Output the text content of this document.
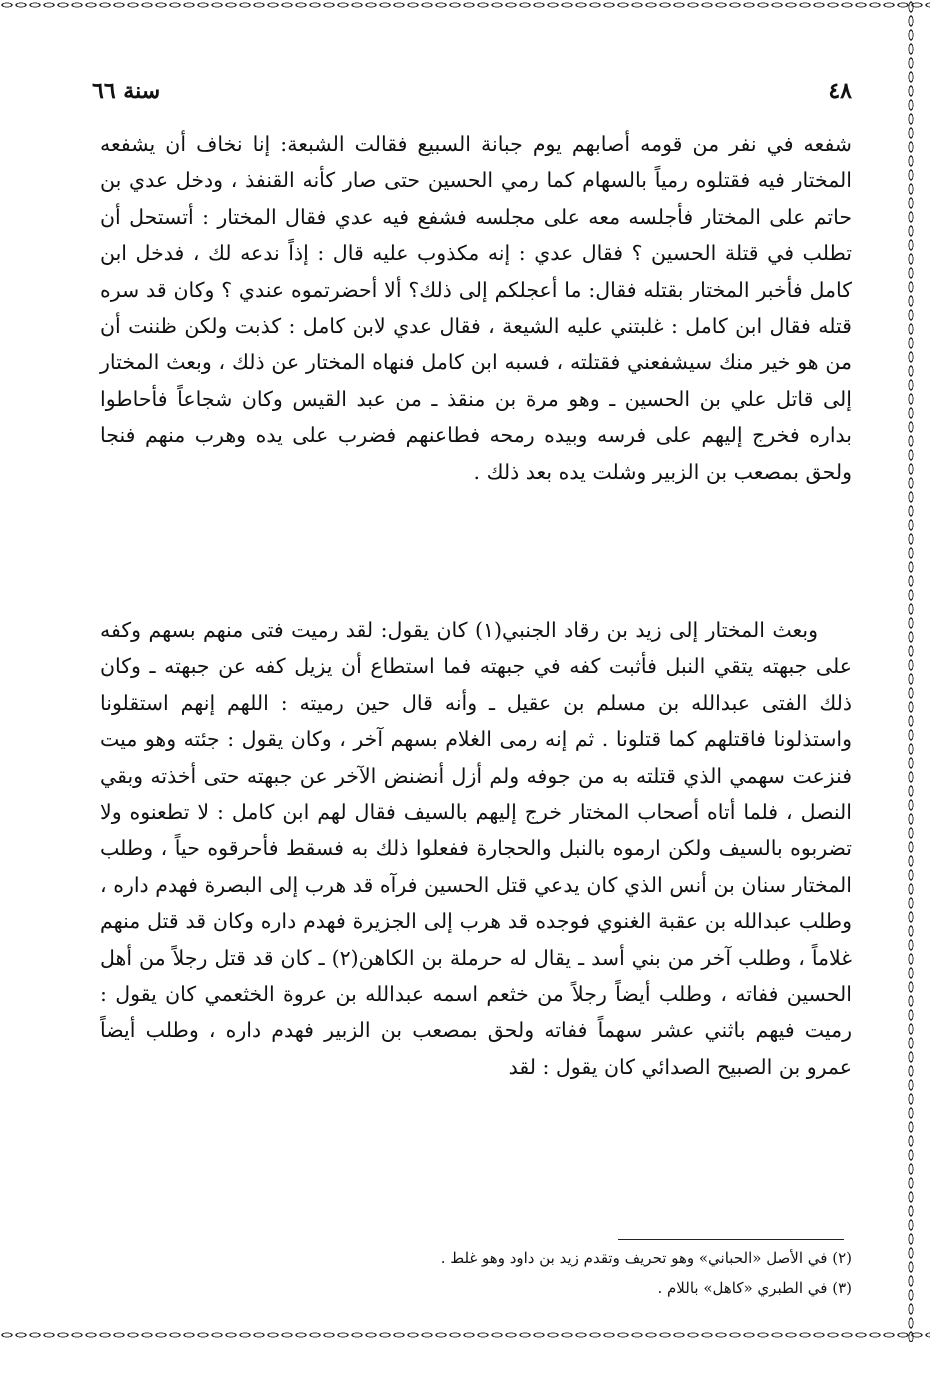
٤٨
سنة ٦٦

شفعه في نفر من قومه أصابهم يوم جبانة السبيع فقالت الشبعة: إنا نخاف أن يشفعه المختار فيه فقتلوه رمياً بالسهام كما رمي الحسين حتى صار كأنه القنفذ ، ودخل عدي بن حاتم على المختار فأجلسه معه على مجلسه فشفع فيه عدي فقال المختار : أتستحل أن تطلب في قتلة الحسين ؟ فقال عدي : إنه مكذوب عليه قال : إذاً ندعه لك ، فدخل ابن كامل فأخبر المختار بقتله فقال: ما أعجلكم إلى ذلك؟ ألا أحضرتموه عندي ؟ وكان قد سره قتله فقال ابن كامل : غلبتني عليه الشيعة ، فقال عدي لابن كامل : كذبت ولكن ظننت أن من هو خير منك سيشفعني فقتلته ، فسبه ابن كامل فنهاه المختار عن ذلك ، وبعث المختار إلى قاتل علي بن الحسين ـ وهو مرة بن منقذ ـ من عبد القيس وكان شجاعاً فأحاطوا بداره فخرج إليهم على فرسه وبيده رمحه فطاعنهم فضرب على يده وهرب منهم فنجا ولحق بمصعب بن الزبير وشلت يده بعد ذلك .

وبعث المختار إلى زيد بن رقاد الجنبي(١) كان يقول: لقد رميت فتى منهم بسهم وكفه على جبهته يتقي النبل فأثبت كفه في جبهته فما استطاع أن يزيل كفه عن جبهته ـ وكان ذلك الفتى عبدالله بن مسلم بن عقيل ـ وأنه قال حين رميته : اللهم إنهم استقلونا واستذلونا فاقتلهم كما قتلونا . ثم إنه رمى الغلام بسهم آخر ، وكان يقول : جئته وهو ميت فنزعت سهمي الذي قتلته به من جوفه ولم أزل أنضنض الآخر عن جبهته حتى أخذته وبقي النصل ، فلما أتاه أصحاب المختار خرج إليهم بالسيف فقال لهم ابن كامل : لا تطعنوه ولا تضربوه بالسيف ولكن ارموه بالنبل والحجارة ففعلوا ذلك به فسقط فأحرقوه حياً ، وطلب المختار سنان بن أنس الذي كان يدعي قتل الحسين فرآه قد هرب إلى البصرة فهدم داره ، وطلب عبدالله بن عقبة الغنوي فوجده قد هرب إلى الجزيرة فهدم داره وكان قد قتل منهم غلاماً ، وطلب آخر من بني أسد ـ يقال له حرملة بن الكاهن(٢) ـ كان قد قتل رجلاً من أهل الحسين ففاته ، وطلب أيضاً رجلاً من خثعم اسمه عبدالله بن عروة الخثعمي كان يقول : رميت فيهم باثني عشر سهماً ففاته ولحق بمصعب بن الزبير فهدم داره ، وطلب أيضاً عمرو بن الصبيح الصدائي كان يقول : لقد

(٢) في الأصل «الحباني» وهو تحريف وتقدم زيد بن داود وهو غلط .
(٣) في الطبري «كاهل» باللام .
